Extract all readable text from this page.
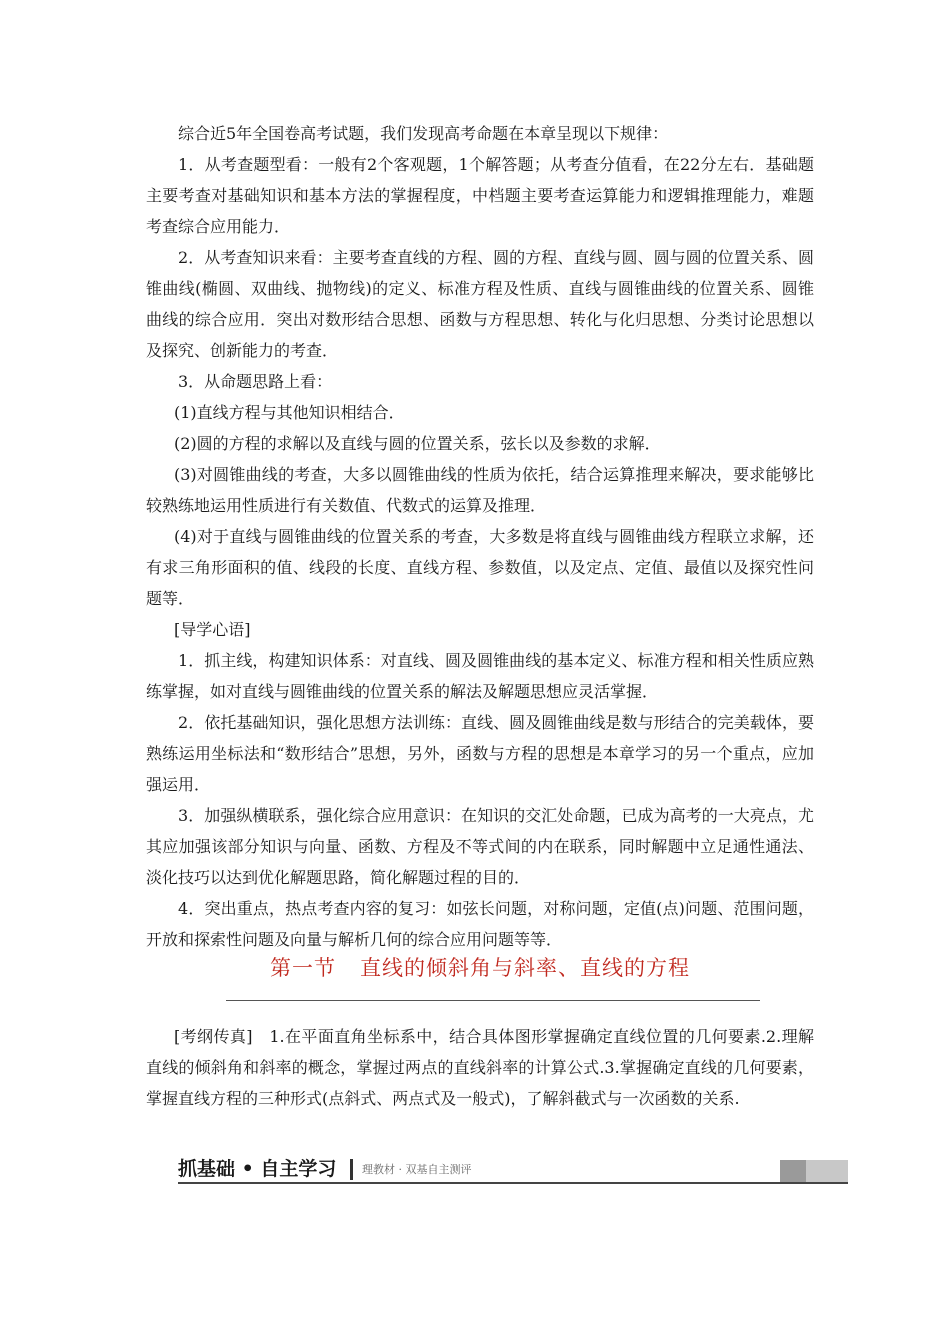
综合近5年全国卷高考试题，我们发现高考命题在本章呈现以下规律：

1．从考查题型看：一般有2个客观题，1个解答题；从考查分值看，在22分左右．基础题主要考查对基础知识和基本方法的掌握程度，中档题主要考查运算能力和逻辑推理能力，难题考查综合应用能力．

2．从考查知识来看：主要考查直线的方程、圆的方程、直线与圆、圆与圆的位置关系、圆锥曲线(椭圆、双曲线、抛物线)的定义、标准方程及性质、直线与圆锥曲线的位置关系、圆锥曲线的综合应用．突出对数形结合思想、函数与方程思想、转化与化归思想、分类讨论思想以及探究、创新能力的考查．

3．从命题思路上看：

(1)直线方程与其他知识相结合．

(2)圆的方程的求解以及直线与圆的位置关系，弦长以及参数的求解．

(3)对圆锥曲线的考查，大多以圆锥曲线的性质为依托，结合运算推理来解决，要求能够比较熟练地运用性质进行有关数值、代数式的运算及推理．

(4)对于直线与圆锥曲线的位置关系的考查，大多数是将直线与圆锥曲线方程联立求解，还有求三角形面积的值、线段的长度、直线方程、参数值，以及定点、定值、最值以及探究性问题等．

[导学心语]

1．抓主线，构建知识体系：对直线、圆及圆锥曲线的基本定义、标准方程和相关性质应熟练掌握，如对直线与圆锥曲线的位置关系的解法及解题思想应灵活掌握．

2．依托基础知识，强化思想方法训练：直线、圆及圆锥曲线是数与形结合的完美载体，要熟练运用坐标法和“数形结合”思想，另外，函数与方程的思想是本章学习的另一个重点，应加强运用．

3．加强纵横联系，强化综合应用意识：在知识的交汇处命题，已成为高考的一大亮点，尤其应加强该部分知识与向量、函数、方程及不等式间的内在联系，同时解题中立足通性通法、淡化技巧以达到优化解题思路，简化解题过程的目的．

4．突出重点，热点考查内容的复习：如弦长问题，对称问题，定值(点)问题、范围问题，开放和探索性问题及向量与解析几何的综合应用问题等等．

第一节 直线的倾斜角与斜率、直线的方程

[考纲传真]　1.在平面直角坐标系中，结合具体图形掌握确定直线位置的几何要素.2.理解直线的倾斜角和斜率的概念，掌握过两点的直线斜率的计算公式.3.掌握确定直线的几何要素，掌握直线方程的三种形式(点斜式、两点式及一般式)，了解斜截式与一次函数的关系.

抓基础 • 自主学习 理教材 · 双基自主测评
